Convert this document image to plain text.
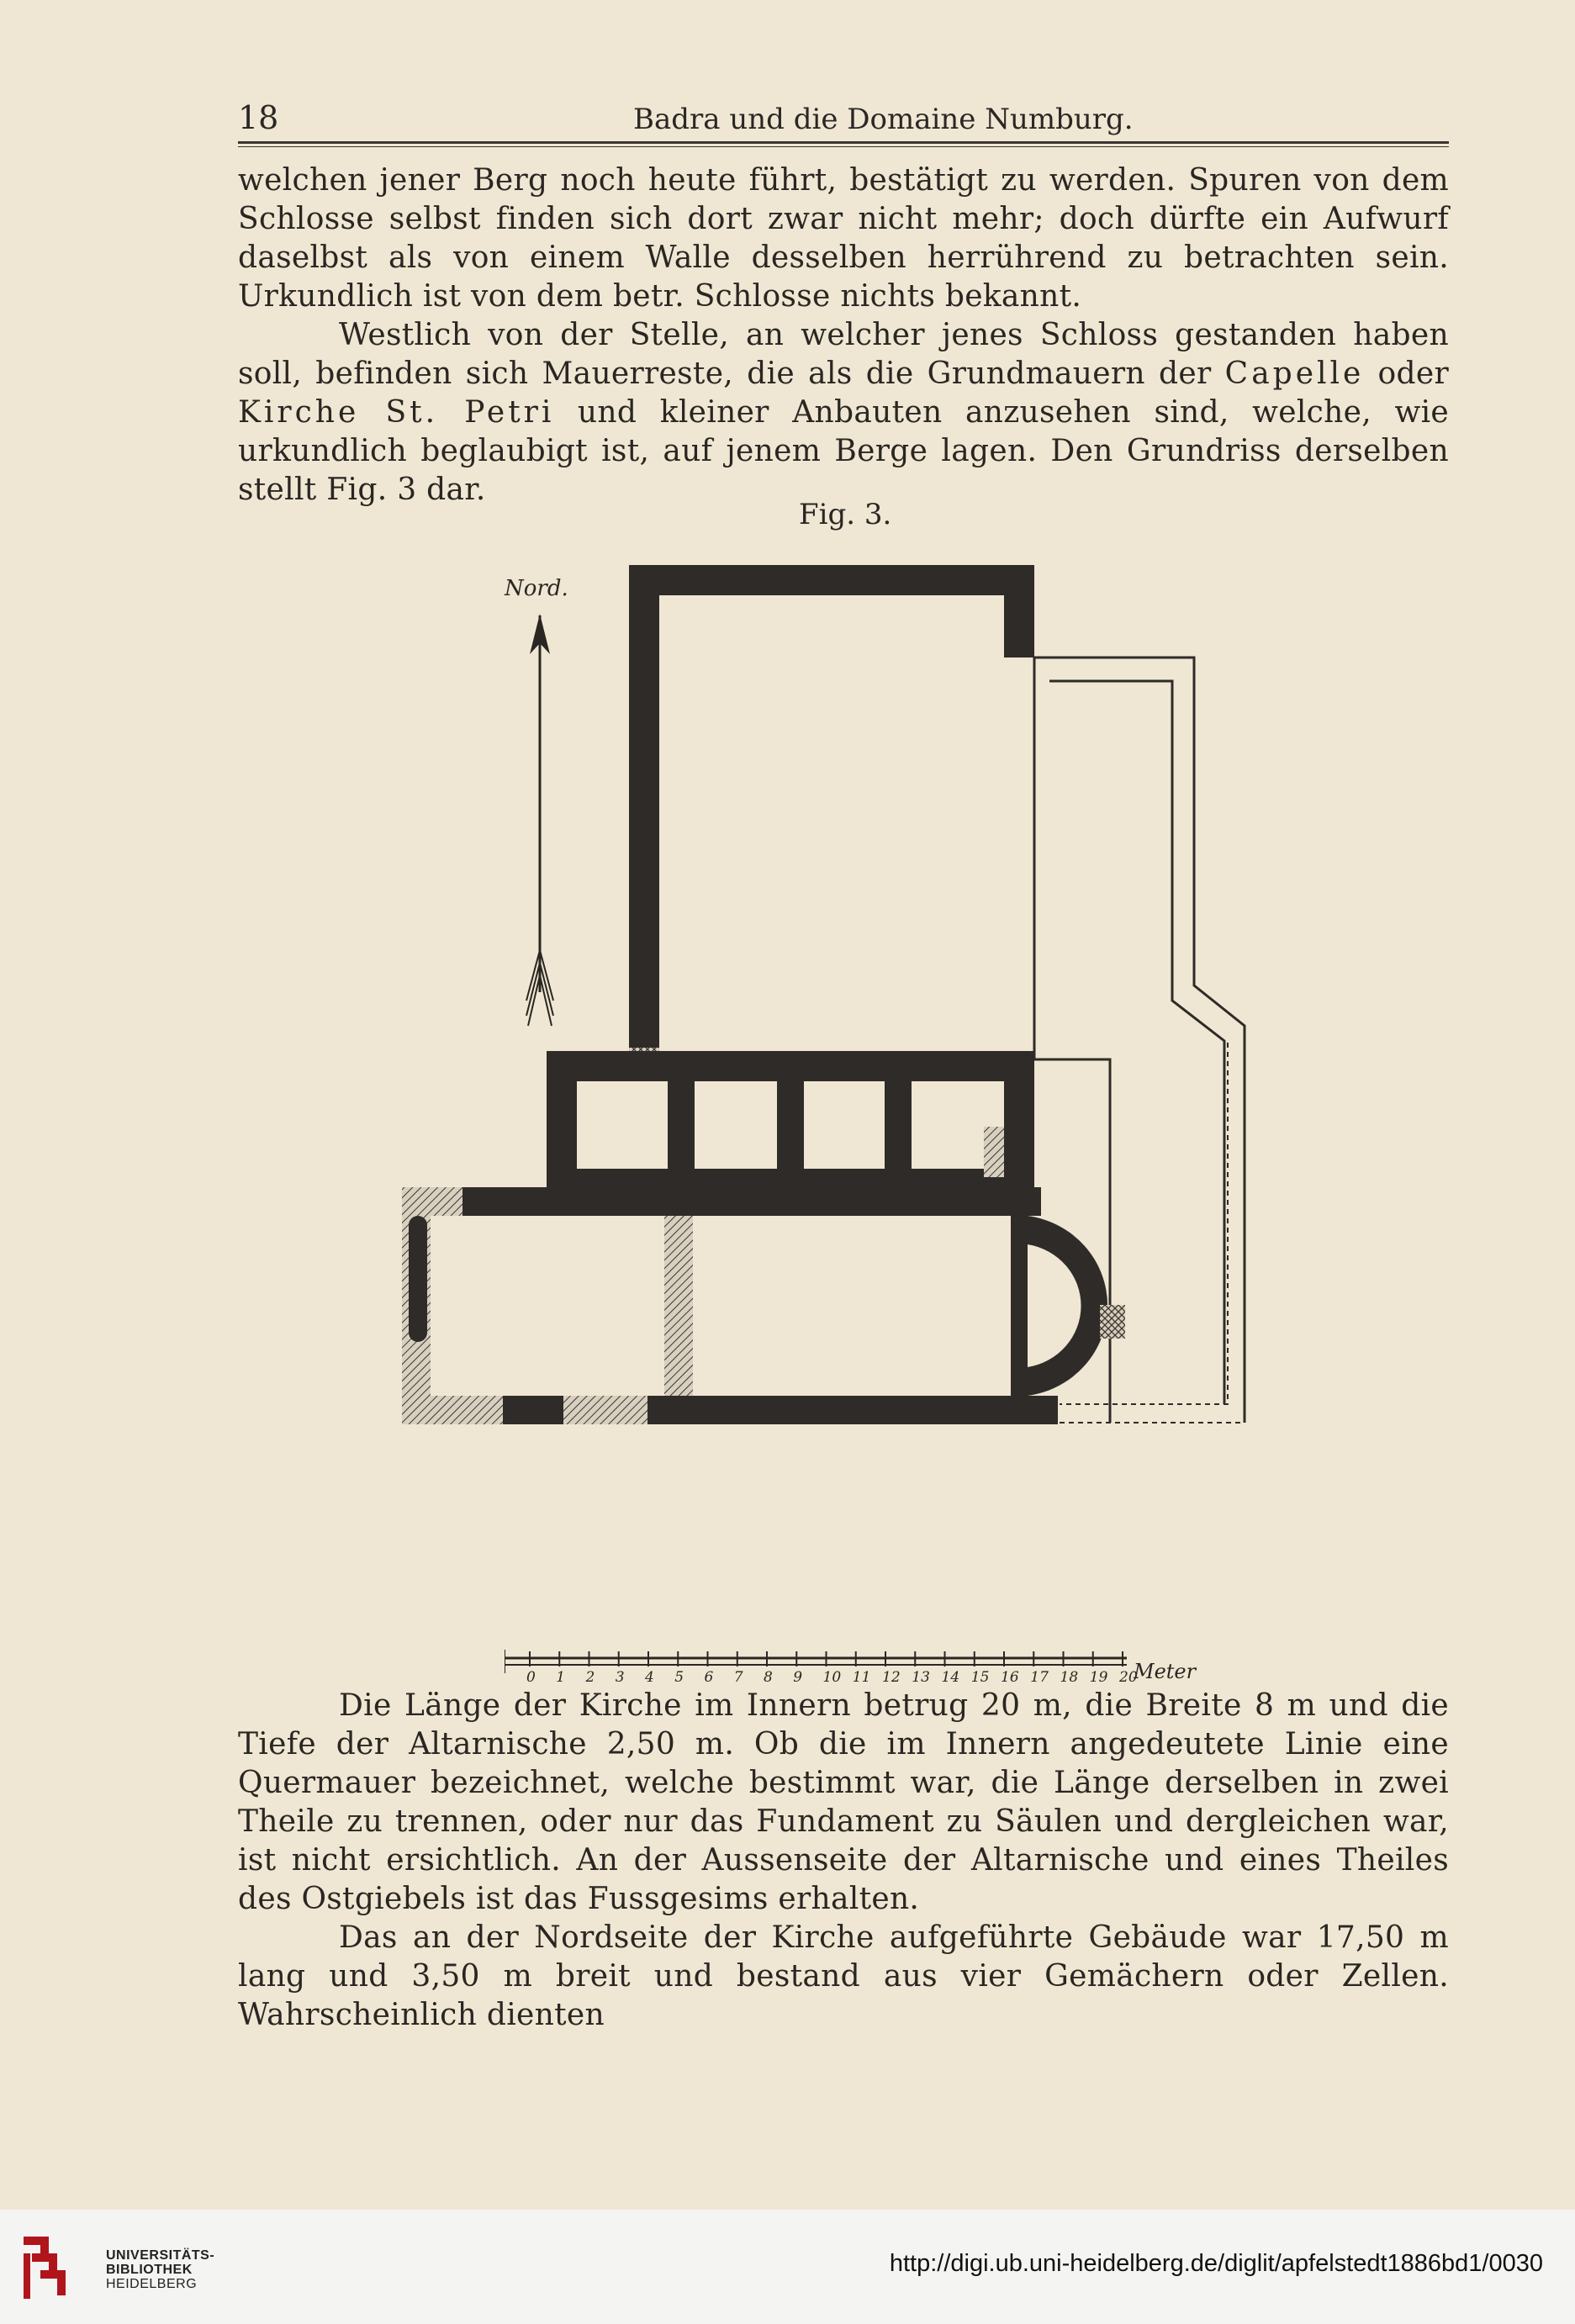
18	Badra und die Domaine Numburg.

welchen jener Berg noch heute führt, bestätigt zu werden. Spuren von dem Schlosse selbst finden sich dort zwar nicht mehr; doch dürfte ein Aufwurf daselbst als von einem Walle desselben herrührend zu betrachten sein. Urkundlich ist von dem betr. Schlosse nichts bekannt.

Westlich von der Stelle, an welcher jenes Schloss gestanden haben soll, befinden sich Mauerreste, die als die Grundmauern der Capelle oder Kirche St. Petri und kleiner Anbauten anzusehen sind, welche, wie urkundlich beglaubigt ist, auf jenem Berge lagen. Den Grundriss derselben stellt Fig. 3 dar.

Fig. 3.
Nord.
0 1 2 3 4 5 6 7 8 9 10 11 12 13 14 15 16 17 18 19 20
Meter

Die Länge der Kirche im Innern betrug 20 m, die Breite 8 m und die Tiefe der Altarnische 2,50 m. Ob die im Innern angedeutete Linie eine Quermauer bezeichnet, welche bestimmt war, die Länge derselben in zwei Theile zu trennen, oder nur das Fundament zu Säulen und dergleichen war, ist nicht ersichtlich. An der Aussenseite der Altarnische und eines Theiles des Ostgiebels ist das Fussgesims erhalten.

Das an der Nordseite der Kirche aufgeführte Gebäude war 17,50 m lang und 3,50 m breit und bestand aus vier Gemächern oder Zellen. Wahrscheinlich dienten

UNIVERSITÄTS-
BIBLIOTHEK
HEIDELBERG
http://digi.ub.uni-heidelberg.de/diglit/apfelstedt1886bd1/0030
